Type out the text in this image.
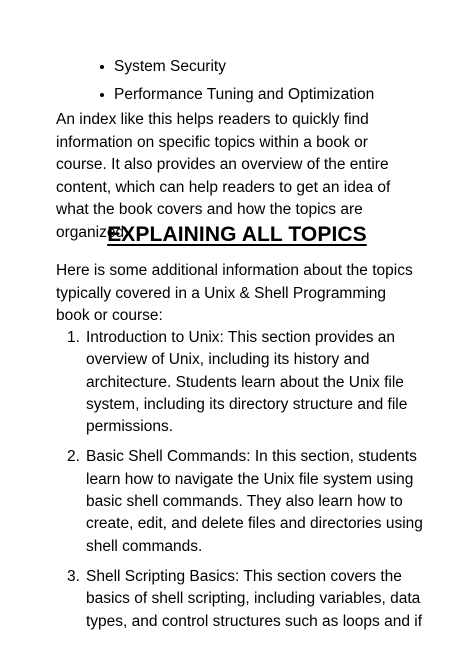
System Security
Performance Tuning and Optimization

An index like this helps readers to quickly find information on specific topics within a book or course. It also provides an overview of the entire content, which can help readers to get an idea of what the book covers and how the topics are organized.

EXPLAINING ALL TOPICS

Here is some additional information about the topics typically covered in a Unix & Shell Programming book or course:

1. Introduction to Unix: This section provides an overview of Unix, including its history and architecture. Students learn about the Unix file system, including its directory structure and file permissions.
2. Basic Shell Commands: In this section, students learn how to navigate the Unix file system using basic shell commands. They also learn how to create, edit, and delete files and directories using shell commands.
3. Shell Scripting Basics: This section covers the basics of shell scripting, including variables, data types, and control structures such as loops and if
